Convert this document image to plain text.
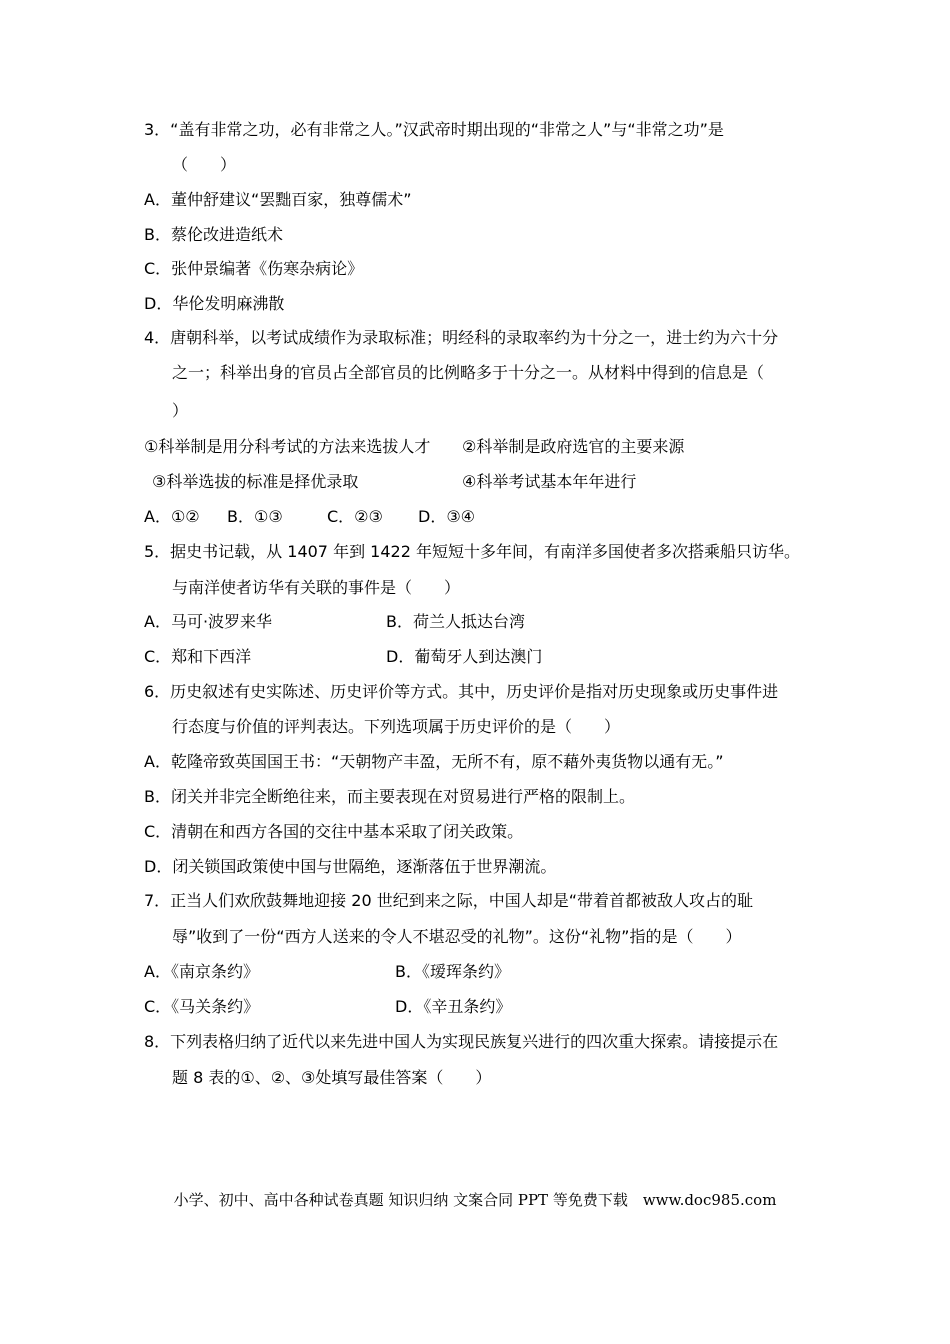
3．“盖有非常之功，必有非常之人。”汉武帝时期出现的“非常之人”与“非常之功”是
（　　）
A．董仲舒建议“罢黜百家，独尊儒术”
B．蔡伦改进造纸术
C．张仲景编著《伤寒杂病论》
D．华伦发明麻沸散
4．唐朝科举，以考试成绩作为录取标准；明经科的录取率约为十分之一，进士约为六十分
之一；科举出身的官员占全部官员的比例略多于十分之一。从材料中得到的信息是（
）
①科举制是用分科考试的方法来选拔人才 ②科举制是政府选官的主要来源
③科举选拔的标准是择优录取	④科举考试基本年年进行
A．①② B．①③	C．②③ D．③④
5．据史书记载，从 1407 年到 1422 年短短十多年间，有南洋多国使者多次搭乘船只访华。
与南洋使者访华有关联的事件是（　　）
A．马可·波罗来华	B．荷兰人抵达台湾
C．郑和下西洋	D．葡萄牙人到达澳门
6．历史叙述有史实陈述、历史评价等方式。其中，历史评价是指对历史现象或历史事件进
行态度与价值的评判表达。下列选项属于历史评价的是（　　）
A．乾隆帝致英国国王书：“天朝物产丰盈，无所不有，原不藉外夷货物以通有无。”
B．闭关并非完全断绝往来，而主要表现在对贸易进行严格的限制上。
C．清朝在和西方各国的交往中基本采取了闭关政策。
D．闭关锁国政策使中国与世隔绝，逐渐落伍于世界潮流。
7．正当人们欢欣鼓舞地迎接 20 世纪到来之际，中国人却是“带着首都被敌人攻占的耻
辱”收到了一份“西方人送来的令人不堪忍受的礼物”。这份“礼物”指的是（　　）
A．《南京条约》	B．《瑷珲条约》
C．《马关条约》	D．《辛丑条约》
8．下列表格归纳了近代以来先进中国人为实现民族复兴进行的四次重大探索。请接提示在
题 8 表的①、②、③处填写最佳答案（　　）
小学、初中、高中各种试卷真题 知识归纳 文案合同 PPT 等免费下载　www.doc985.com
